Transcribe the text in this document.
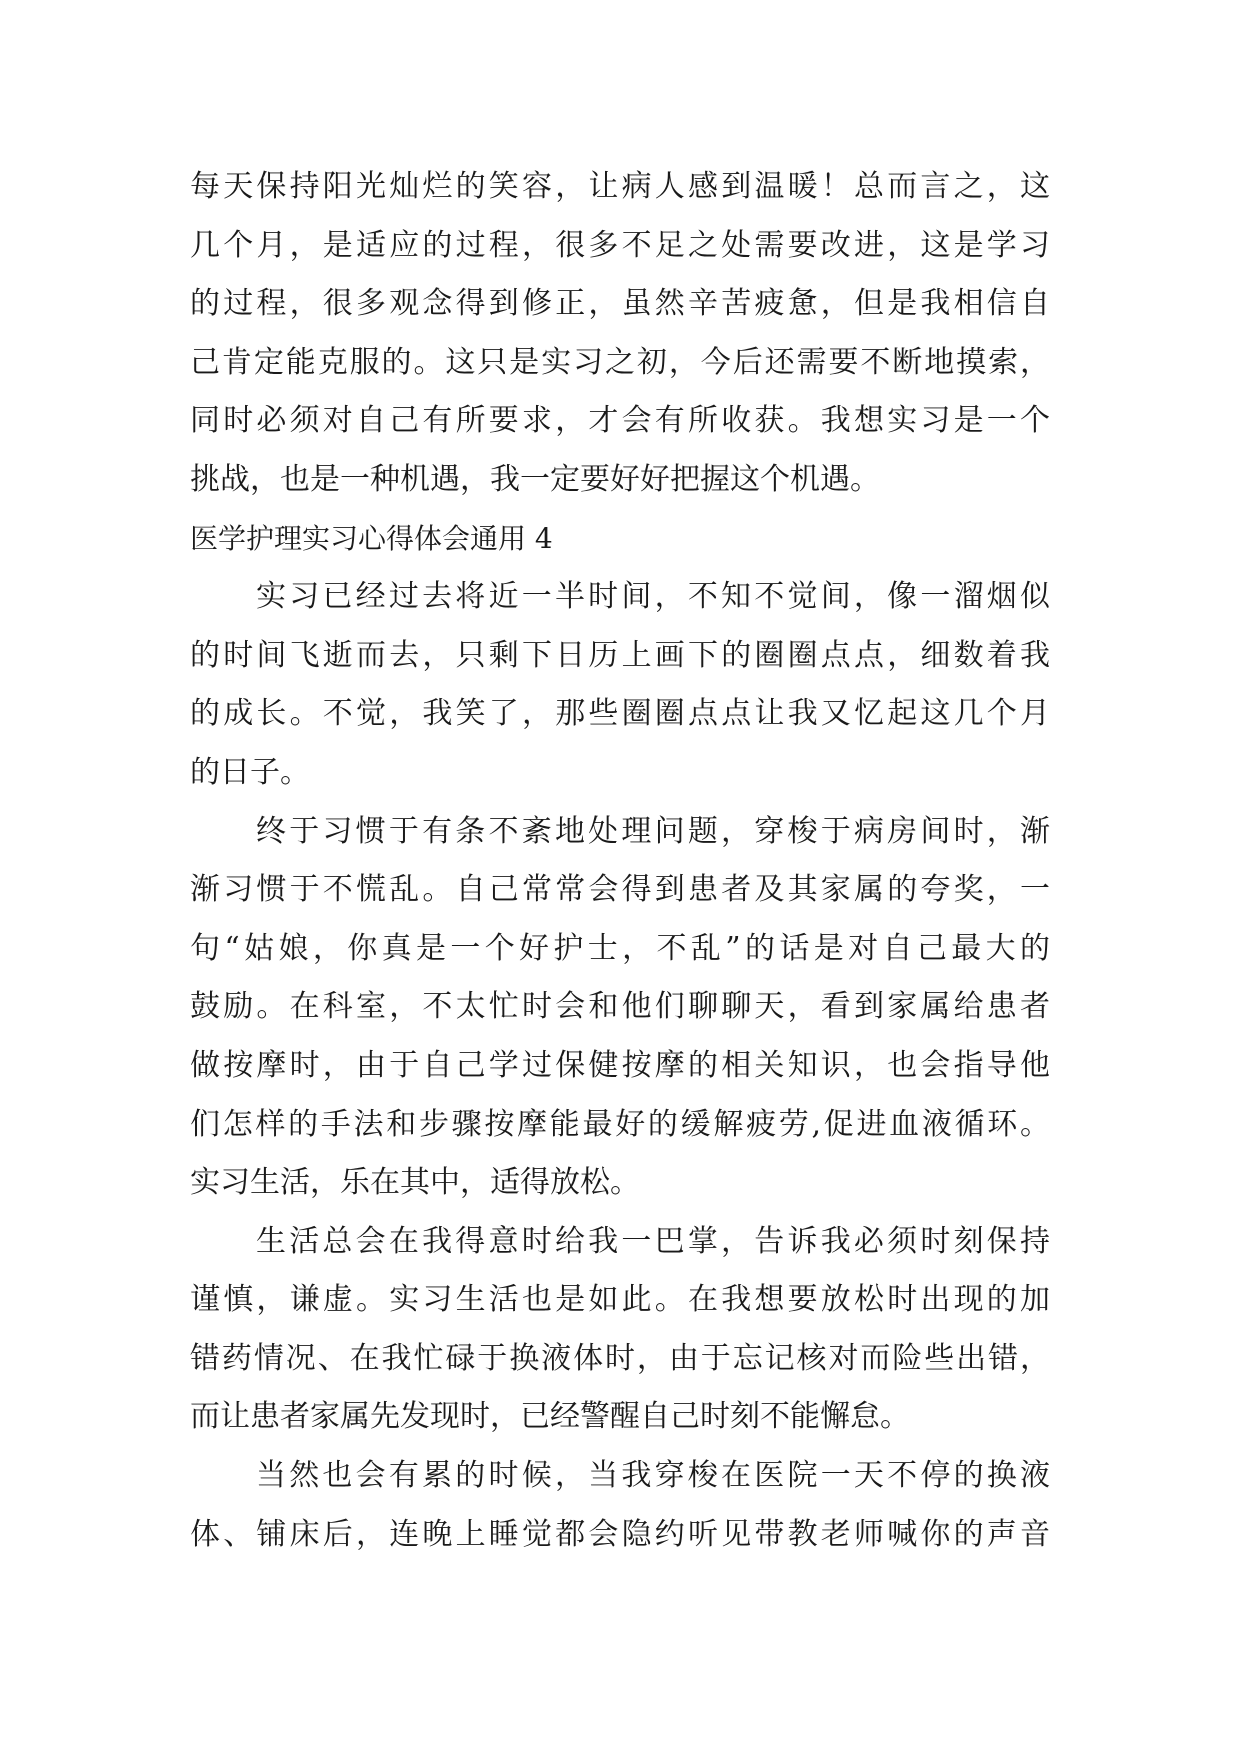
每天保持阳光灿烂的笑容，让病人感到温暖！总而言之，这
几个月，是适应的过程，很多不足之处需要改进，这是学习
的过程，很多观念得到修正，虽然辛苦疲惫，但是我相信自
己肯定能克服的。这只是实习之初，今后还需要不断地摸索，
同时必须对自己有所要求，才会有所收获。我想实习是一个
挑战，也是一种机遇，我一定要好好把握这个机遇。
医学护理实习心得体会通用 4
实习已经过去将近一半时间，不知不觉间，像一溜烟似
的时间飞逝而去，只剩下日历上画下的圈圈点点，细数着我
的成长。不觉，我笑了，那些圈圈点点让我又忆起这几个月
的日子。
终于习惯于有条不紊地处理问题，穿梭于病房间时，渐
渐习惯于不慌乱。自己常常会得到患者及其家属的夸奖，一
句“姑娘，你真是一个好护士，不乱”的话是对自己最大的
鼓励。在科室，不太忙时会和他们聊聊天，看到家属给患者
做按摩时，由于自己学过保健按摩的相关知识，也会指导他
们怎样的手法和步骤按摩能最好的缓解疲劳,促进血液循环。
实习生活，乐在其中，适得放松。
生活总会在我得意时给我一巴掌，告诉我必须时刻保持
谨慎，谦虚。实习生活也是如此。在我想要放松时出现的加
错药情况、在我忙碌于换液体时，由于忘记核对而险些出错，
而让患者家属先发现时，已经警醒自己时刻不能懈怠。
当然也会有累的时候，当我穿梭在医院一天不停的换液
体、铺床后，连晚上睡觉都会隐约听见带教老师喊你的声音
